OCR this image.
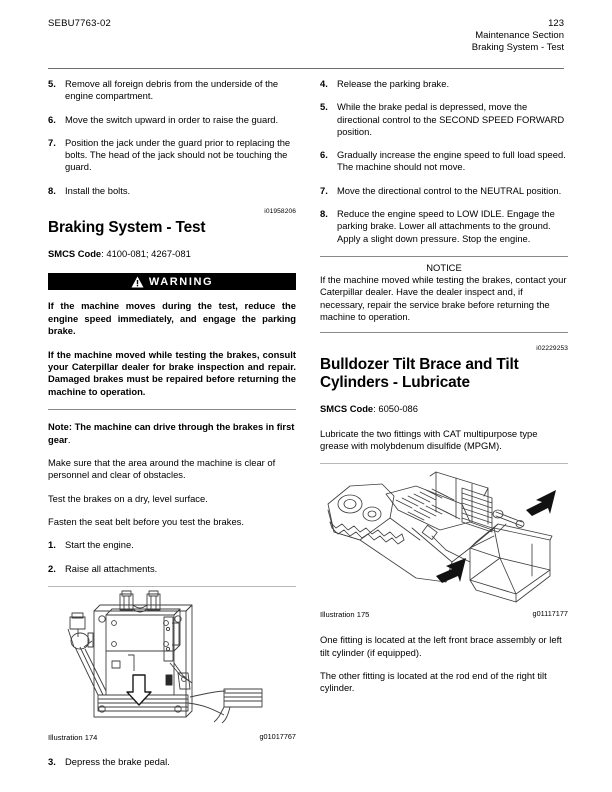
SEBU7763-02	123
Maintenance Section
Braking System - Test
5. Remove all foreign debris from the underside of the engine compartment.
6. Move the switch upward in order to raise the guard.
7. Position the jack under the guard prior to replacing the bolts. The head of the jack should not be touching the guard.
8. Install the bolts.
i01958206
Braking System - Test
SMCS Code: 4100-081; 4267-081
WARNING
If the machine moves during the test, reduce the engine speed immediately, and engage the parking brake.
If the machine moved while testing the brakes, consult your Caterpillar dealer for brake inspection and repair. Damaged brakes must be repaired before returning the machine to operation.
Note: The machine can drive through the brakes in first gear.
Make sure that the area around the machine is clear of personnel and clear of obstacles.
Test the brakes on a dry, level surface.
Fasten the seat belt before you test the brakes.
1. Start the engine.
2. Raise all attachments.
Illustration 174	g01017767
3. Depress the brake pedal.
4. Release the parking brake.
5. While the brake pedal is depressed, move the directional control to the SECOND SPEED FORWARD position.
6. Gradually increase the engine speed to full load speed. The machine should not move.
7. Move the directional control to the NEUTRAL position.
8. Reduce the engine speed to LOW IDLE. Engage the parking brake. Lower all attachments to the ground. Apply a slight down pressure. Stop the engine.
NOTICE
If the machine moved while testing the brakes, contact your Caterpillar dealer. Have the dealer inspect and, if necessary, repair the service brake before returning the machine to operation.
i02229253
Bulldozer Tilt Brace and Tilt Cylinders - Lubricate
SMCS Code: 6050-086
Lubricate the two fittings with CAT multipurpose type grease with molybdenum disulfide (MPGM).
Illustration 175	g01117177
One fitting is located at the left front brace assembly or left tilt cylinder (if equipped).
The other fitting is located at the rod end of the right tilt cylinder.
